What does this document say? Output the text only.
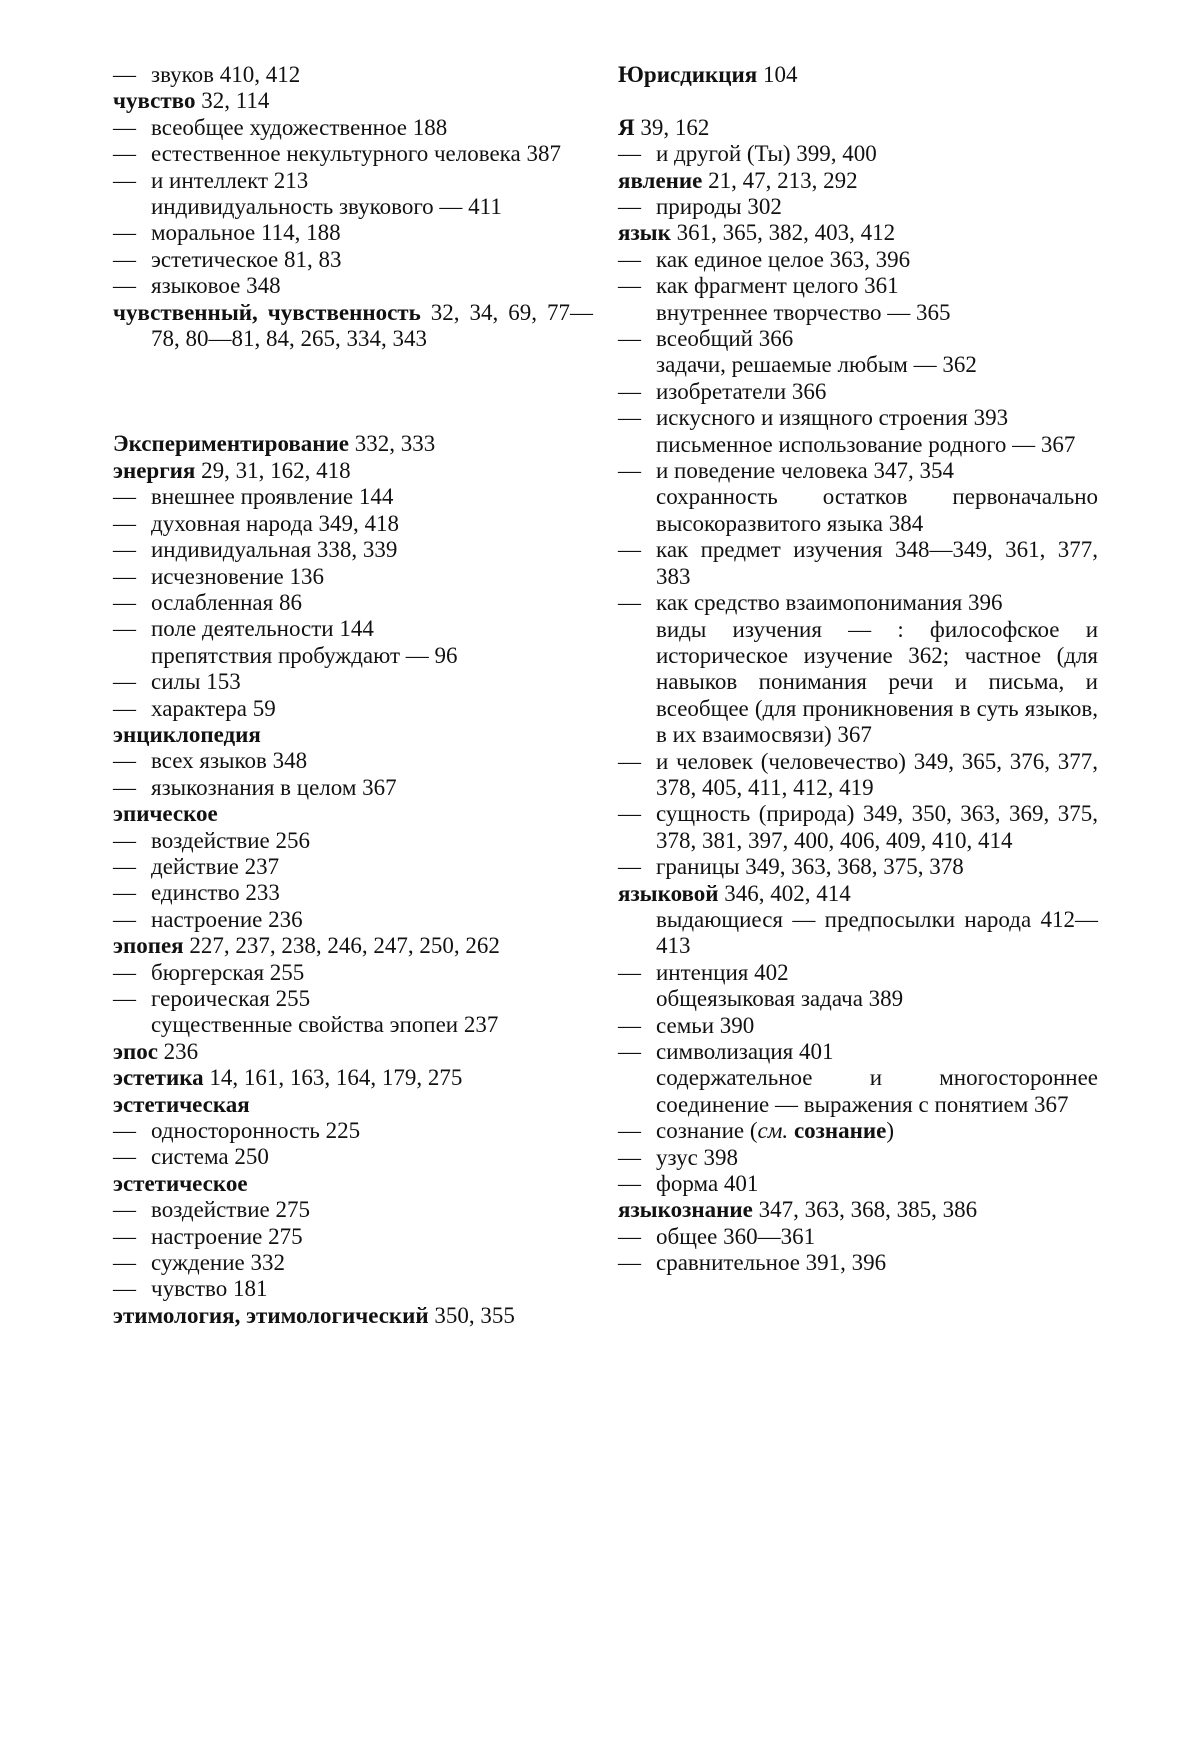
— звуков 410, 412
чувство 32, 114
— всеобщее художественное 188
— естественное некультурного человека 387
— и интеллект 213
индивидуальность звукового — 411
— моральное 114, 188
— эстетическое 81, 83
— языковое 348
чувственный, чувственность 32, 34, 69, 77—78, 80—81, 84, 265, 334, 343
Экспериментирование 332, 333
энергия 29, 31, 162, 418
— внешнее проявление 144
— духовная народа 349, 418
— индивидуальная 338, 339
— исчезновение 136
— ослабленная 86
— поле деятельности 144
препятствия пробуждают — 96
— силы 153
— характера 59
энциклопедия
— всех языков 348
— языкознания в целом 367
эпическое
— воздействие 256
— действие 237
— единство 233
— настроение 236
эпопея 227, 237, 238, 246, 247, 250, 262
— бюргерская 255
— героическая 255
существенные свойства эпопеи 237
эпос 236
эстетика 14, 161, 163, 164, 179, 275
эстетическая
— односторонность 225
— система 250
эстетическое
— воздействие 275
— настроение 275
— суждение 332
— чувство 181
этимология, этимологический 350, 355
Юрисдикция 104
Я 39, 162
— и другой (Ты) 399, 400
явление 21, 47, 213, 292
— природы 302
язык 361, 365, 382, 403, 412
— как единое целое 363, 396
— как фрагмент целого 361
внутреннее творчество — 365
— всеобщий 366
задачи, решаемые любым — 362
— изобретатели 366
— искусного и изящного строения 393
письменное использование родного — 367
— и поведение человека 347, 354
сохранность остатков первоначально высокоразвитого языка 384
— как предмет изучения 348—349, 361, 377, 383
— как средство взаимопонимания 396
виды изучения — : философское и историческое изучение 362; частное (для навыков понимания речи и письма, и всеобщее (для проникновения в суть языков, в их взаимосвязи) 367
— и человек (человечество) 349, 365, 376, 377, 378, 405, 411, 412, 419
— сущность (природа) 349, 350, 363, 369, 375, 378, 381, 397, 400, 406, 409, 410, 414
— границы 349, 363, 368, 375, 378
языковой 346, 402, 414
выдающиеся — предпосылки народа 412—413
— интенция 402
общеязыковая задача 389
— семьи 390
— символизация 401
содержательное и многостороннее соединение — выражения с понятием 367
— сознание (см. сознание)
— узус 398
— форма 401
языкознание 347, 363, 368, 385, 386
— общее 360—361
— сравнительное 391, 396
